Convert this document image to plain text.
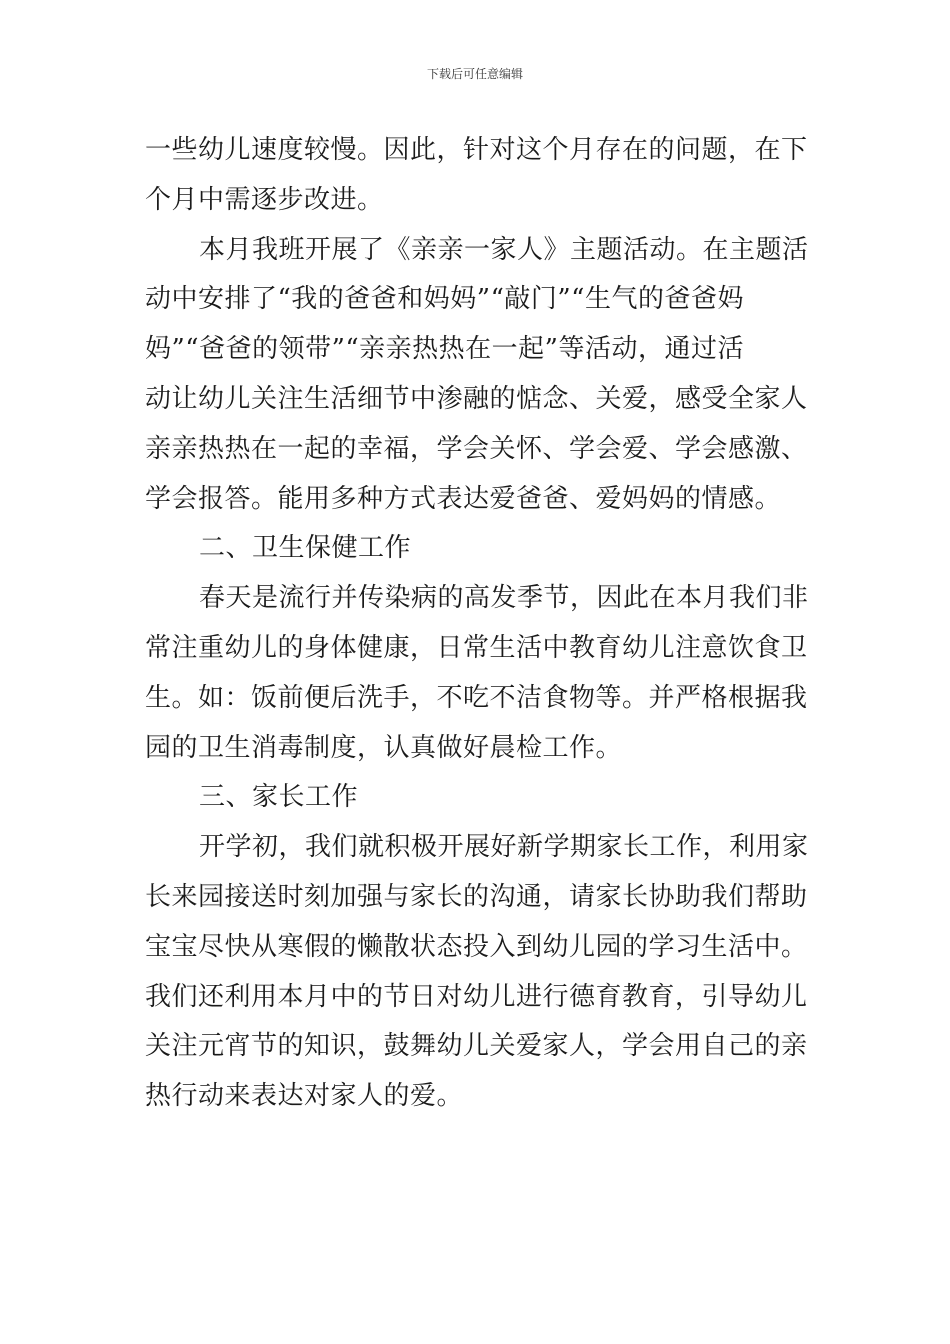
下载后可任意编辑
一些幼儿速度较慢。因此，针对这个月存在的问题，在下
个月中需逐步改进。
本月我班开展了《亲亲一家人》主题活动。在主题活
动中安排了“我的爸爸和妈妈”“敲门”“生气的爸爸妈
妈”“爸爸的领带”“亲亲热热在一起”等活动，通过活
动让幼儿关注生活细节中渗融的惦念、关爱，感受全家人
亲亲热热在一起的幸福，学会关怀、学会爱、学会感激、
学会报答。能用多种方式表达爱爸爸、爱妈妈的情感。
二、卫生保健工作
春天是流行并传染病的高发季节，因此在本月我们非
常注重幼儿的身体健康，日常生活中教育幼儿注意饮食卫
生。如：饭前便后洗手，不吃不洁食物等。并严格根据我
园的卫生消毒制度，认真做好晨检工作。
三、家长工作
开学初，我们就积极开展好新学期家长工作，利用家
长来园接送时刻加强与家长的沟通，请家长协助我们帮助
宝宝尽快从寒假的懒散状态投入到幼儿园的学习生活中。
我们还利用本月中的节日对幼儿进行德育教育，引导幼儿
关注元宵节的知识，鼓舞幼儿关爱家人，学会用自己的亲
热行动来表达对家人的爱。
